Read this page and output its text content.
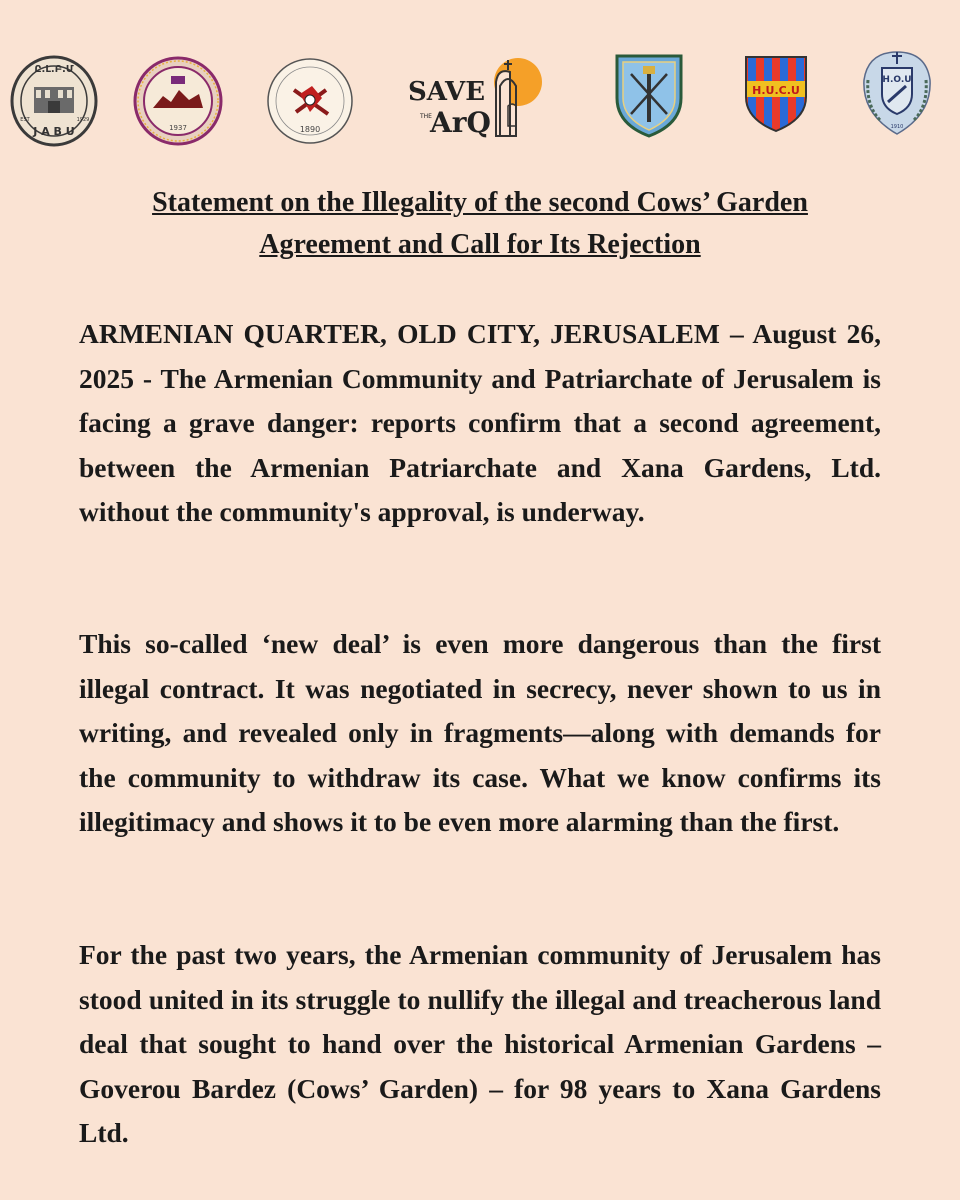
Ը.Լ.Բ.Մ
J A B U
EST	1929
1937	1890
SAVE
THE
ArQ
H.U.C.U
H.O.U
1910
Statement on the Illegality of the second Cows’ Garden
Agreement and Call for Its Rejection

ARMENIAN QUARTER, OLD CITY, JERUSALEM – August 26, 2025 - The Armenian Community and Patriarchate of Jerusalem is facing a grave danger: reports confirm that a second agreement, between the Armenian Patriarchate and Xana Gardens, Ltd. without the community's approval, is underway.

This so-called ‘new deal’ is even more dangerous than the first illegal contract. It was negotiated in secrecy, never shown to us in writing, and revealed only in fragments—along with demands for the community to withdraw its case. What we know confirms its illegitimacy and shows it to be even more alarming than the first.

For the past two years, the Armenian community of Jerusalem has stood united in its struggle to nullify the illegal and treacherous land deal that sought to hand over the historical Armenian Gardens – Goverou Bardez (Cows’ Garden) – for 98 years to Xana Gardens Ltd.
